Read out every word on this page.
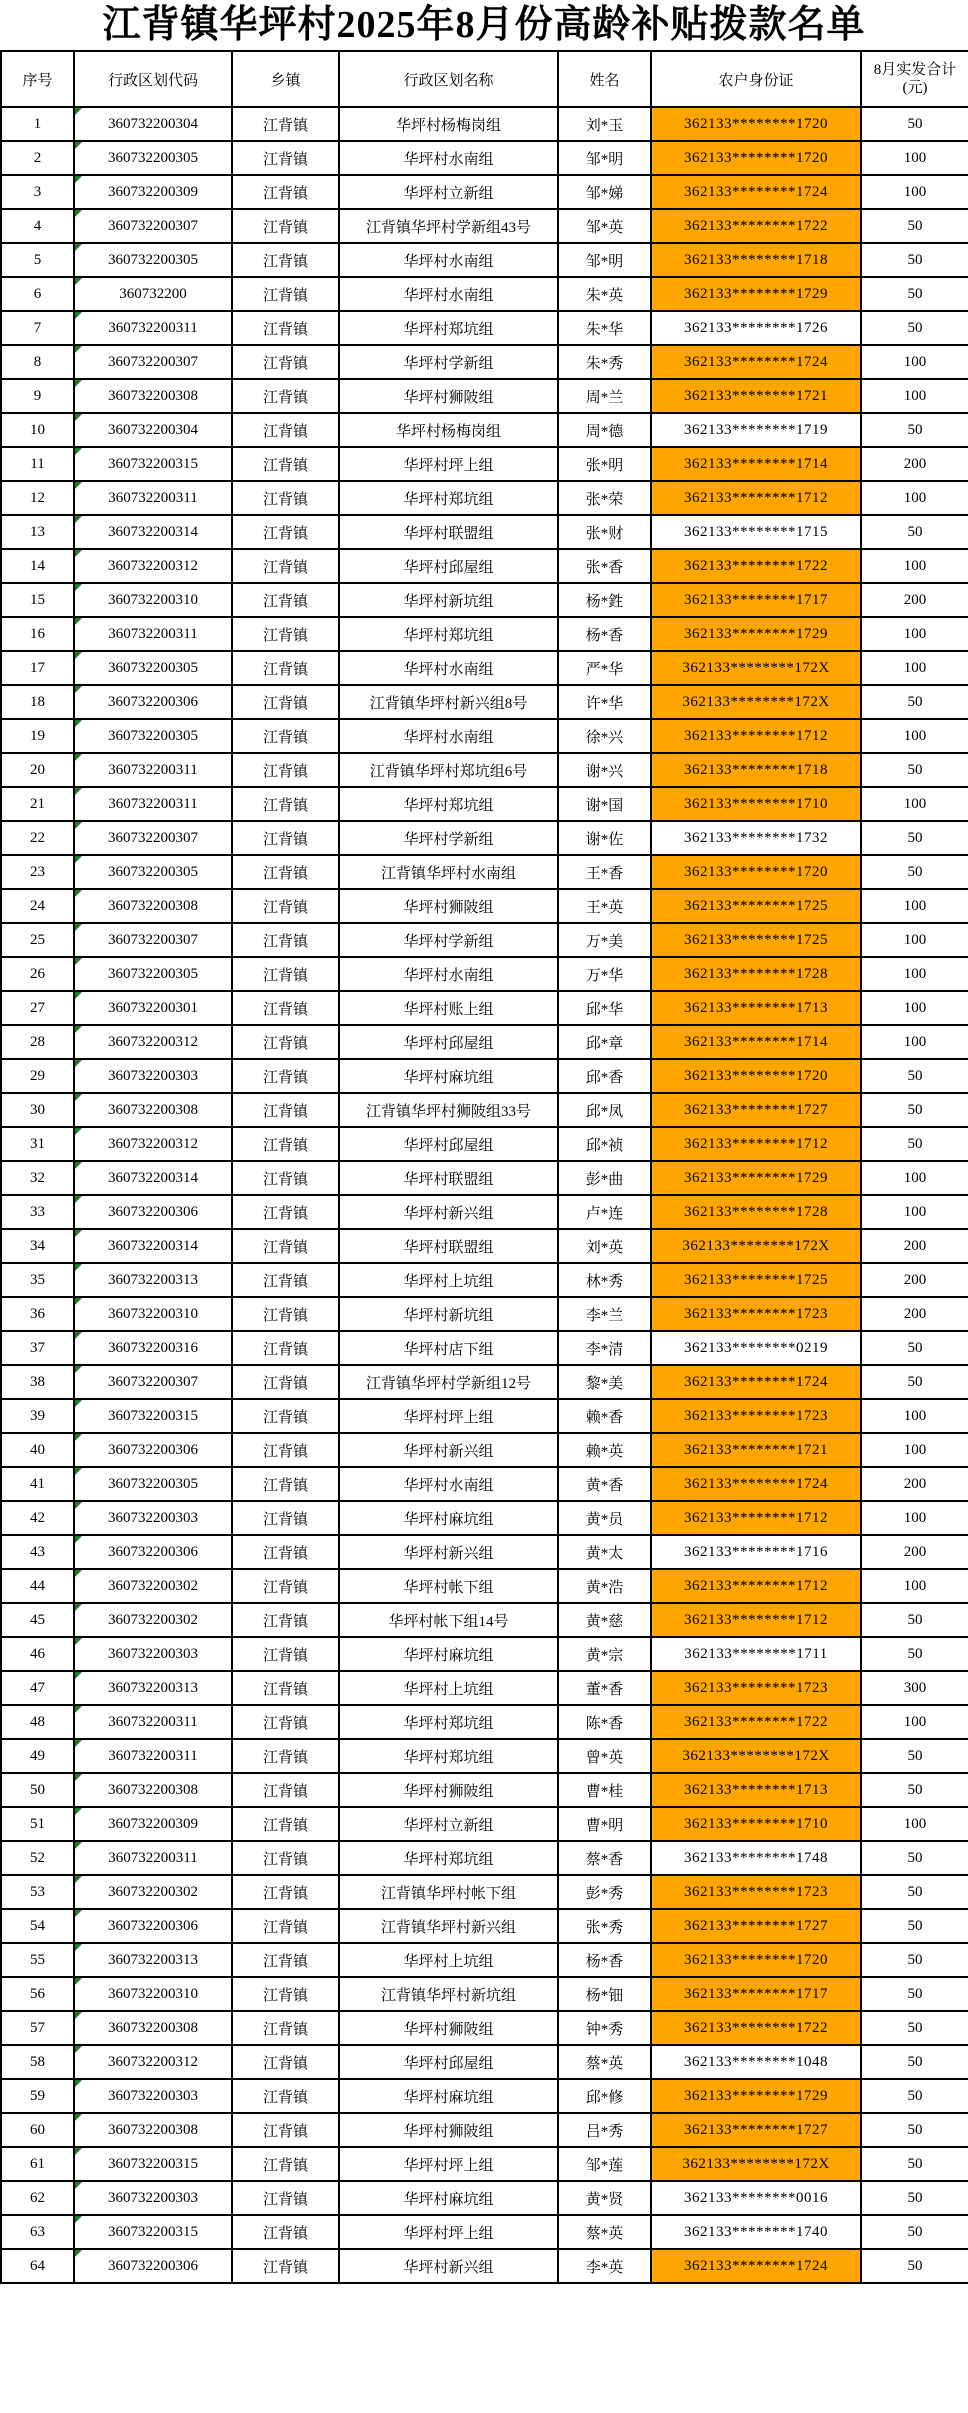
江背镇华坪村2025年8月份高龄补贴拨款名单
序号	行政区划代码	乡镇	行政区划名称	姓名	农户身份证	8月实发合计
(元)

1	360732200304	江背镇	华坪村杨梅岗组	刘*玉	362133********1720	50
2	360732200305	江背镇	华坪村水南组	邹*明	362133********1720	100
3	360732200309	江背镇	华坪村立新组	邹*娣	362133********1724	100
4	360732200307	江背镇	江背镇华坪村学新组43号	邹*英	362133********1722	50
5	360732200305	江背镇	华坪村水南组	邹*明	362133********1718	50
6	360732200	江背镇	华坪村水南组	朱*英	362133********1729	50
7	360732200311	江背镇	华坪村郑坑组	朱*华	362133********1726	50
8	360732200307	江背镇	华坪村学新组	朱*秀	362133********1724	100
9	360732200308	江背镇	华坪村狮陂组	周*兰	362133********1721	100
10	360732200304	江背镇	华坪村杨梅岗组	周*德	362133********1719	50
11	360732200315	江背镇	华坪村坪上组	张*明	362133********1714	200
12	360732200311	江背镇	华坪村郑坑组	张*荣	362133********1712	100
13	360732200314	江背镇	华坪村联盟组	张*财	362133********1715	50
14	360732200312	江背镇	华坪村邱屋组	张*香	362133********1722	100
15	360732200310	江背镇	华坪村新坑组	杨*鉎	362133********1717	200
16	360732200311	江背镇	华坪村郑坑组	杨*香	362133********1729	100
17	360732200305	江背镇	华坪村水南组	严*华	362133********172X	100
18	360732200306	江背镇	江背镇华坪村新兴组8号	许*华	362133********172X	50
19	360732200305	江背镇	华坪村水南组	徐*兴	362133********1712	100
20	360732200311	江背镇	江背镇华坪村郑坑组6号	谢*兴	362133********1718	50
21	360732200311	江背镇	华坪村郑坑组	谢*国	362133********1710	100
22	360732200307	江背镇	华坪村学新组	谢*佐	362133********1732	50
23	360732200305	江背镇	江背镇华坪村水南组	王*香	362133********1720	50
24	360732200308	江背镇	华坪村狮陂组	王*英	362133********1725	100
25	360732200307	江背镇	华坪村学新组	万*美	362133********1725	100
26	360732200305	江背镇	华坪村水南组	万*华	362133********1728	100
27	360732200301	江背镇	华坪村账上组	邱*华	362133********1713	100
28	360732200312	江背镇	华坪村邱屋组	邱*章	362133********1714	100
29	360732200303	江背镇	华坪村麻坑组	邱*香	362133********1720	50
30	360732200308	江背镇	江背镇华坪村狮陂组33号	邱*凤	362133********1727	50
31	360732200312	江背镇	华坪村邱屋组	邱*祯	362133********1712	50
32	360732200314	江背镇	华坪村联盟组	彭*曲	362133********1729	100
33	360732200306	江背镇	华坪村新兴组	卢*连	362133********1728	100
34	360732200314	江背镇	华坪村联盟组	刘*英	362133********172X	200
35	360732200313	江背镇	华坪村上坑组	林*秀	362133********1725	200
36	360732200310	江背镇	华坪村新坑组	李*兰	362133********1723	200
37	360732200316	江背镇	华坪村店下组	李*清	362133********0219	50
38	360732200307	江背镇	江背镇华坪村学新组12号	黎*美	362133********1724	50
39	360732200315	江背镇	华坪村坪上组	赖*香	362133********1723	100
40	360732200306	江背镇	华坪村新兴组	赖*英	362133********1721	100
41	360732200305	江背镇	华坪村水南组	黄*香	362133********1724	200
42	360732200303	江背镇	华坪村麻坑组	黄*员	362133********1712	100
43	360732200306	江背镇	华坪村新兴组	黄*太	362133********1716	200
44	360732200302	江背镇	华坪村帐下组	黄*浩	362133********1712	100
45	360732200302	江背镇	华坪村帐下组14号	黄*慈	362133********1712	50
46	360732200303	江背镇	华坪村麻坑组	黄*宗	362133********1711	50
47	360732200313	江背镇	华坪村上坑组	董*香	362133********1723	300
48	360732200311	江背镇	华坪村郑坑组	陈*香	362133********1722	100
49	360732200311	江背镇	华坪村郑坑组	曾*英	362133********172X	50
50	360732200308	江背镇	华坪村狮陂组	曹*桂	362133********1713	50
51	360732200309	江背镇	华坪村立新组	曹*明	362133********1710	100
52	360732200311	江背镇	华坪村郑坑组	蔡*香	362133********1748	50
53	360732200302	江背镇	江背镇华坪村帐下组	彭*秀	362133********1723	50
54	360732200306	江背镇	江背镇华坪村新兴组	张*秀	362133********1727	50
55	360732200313	江背镇	华坪村上坑组	杨*香	362133********1720	50
56	360732200310	江背镇	江背镇华坪村新坑组	杨*钿	362133********1717	50
57	360732200308	江背镇	华坪村狮陂组	钟*秀	362133********1722	50
58	360732200312	江背镇	华坪村邱屋组	蔡*英	362133********1048	50
59	360732200303	江背镇	华坪村麻坑组	邱*修	362133********1729	50
60	360732200308	江背镇	华坪村狮陂组	吕*秀	362133********1727	50
61	360732200315	江背镇	华坪村坪上组	邹*莲	362133********172X	50
62	360732200303	江背镇	华坪村麻坑组	黄*贤	362133********0016	50
63	360732200315	江背镇	华坪村坪上组	蔡*英	362133********1740	50
64	360732200306	江背镇	华坪村新兴组	李*英	362133********1724	50
